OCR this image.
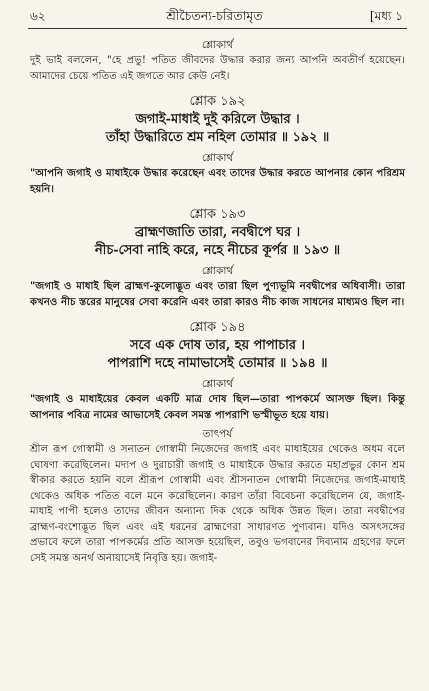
৬২	শ্রীচৈতন্য-চরিতামৃত	[মধ্য ১
শ্লোকার্থ
দুই ভাই বললেন, "হে প্রভু! পতিত জীবদের উদ্ধার করার জন্য আপনি অবতীর্ণ হয়েছেন। আমাদের চেয়ে পতিত এই জগতে আর কেউ নেই।
শ্লোক ১৯২
জগাই-মাধাই দুই করিলে উদ্ধার ।
তাঁহা উদ্ধারিতে শ্রম নহিল তোমার ॥ ১৯২ ॥
শ্লোকার্থ
"আপনি জগাই ও মাধাইকে উদ্ধার করেছেন এবং তাদের উদ্ধার করতে আপনার কোন পরিশ্রম হয়নি।
শ্লোক ১৯৩
ব্রাহ্মণজাতি তারা, নবদ্বীপে ঘর ।
নীচ-সেবা নাহি করে, নহে নীচের কূর্পর ॥ ১৯৩ ॥
শ্লোকার্থ
"জগাই ও মাধাই ছিল ব্রাহ্মণ-কুলোদ্ভূত এবং তারা ছিল পুণ্যভূমি নবদ্বীপের অধিবাসী। তারা কখনও নীচ স্তরের মানুষের সেবা করেনি এবং তারা কারও নীচ কাজ সাধনের মাধ্যমও ছিল না।
শ্লোক ১৯৪
সবে এক দোষ তার, হয় পাপাচার ।
পাপরাশি দহে নামাভাসেই তোমার ॥ ১৯৪ ॥
শ্লোকার্থ
"জগাই ও মাধাইয়ের কেবল একটি মাত্র দোষ ছিল—তারা পাপকর্মে আসক্ত ছিল। কিন্তু আপনার পবিত্র নামের আভাসেই কেবল সমস্ত পাপরাশি ভস্মীভূত হয়ে যায়।
তাৎপর্য
শ্রীল রূপ গোস্বামী ও সনাতন গোস্বামী নিজেদের জগাই এবং মাধাইয়ের থেকেও অধম বলে ঘোষণা করেছিলেন। মদ্যপ ও দুরাচারী জগাই ও মাধাইকে উদ্ধার করতে মহাপ্রভুর কোন শ্রম স্বীকার করতে হয়নি বলে শ্রীরূপ গোস্বামী এবং শ্রীসনাতন গোস্বামী নিজেদের জগাই-মাধাই থেকেও অধিক পতিত বলে মনে করেছিলেন। কারণ তাঁরা বিবেচনা করেছিলেন যে, জগাই-মাধাই পাপী হলেও তাদের জীবন অন্যান্য দিক থেকে অধিক উন্নত ছিল। তারা নবদ্বীপের ব্রাহ্মণ-বংশোদ্ভূত ছিল এবং এই ধরনের ব্রাহ্মণেরা সাধারণত পুণ্যবান। যদিও অসৎসঙ্গের প্রভাবে ফলে তারা পাপকর্মের প্রতি আসক্ত হয়েছিল, তবুও ভগবানের দিব্যনাম গ্রহণের ফলে সেই সমস্ত অনর্থ অনায়াসেই নিবৃত্তি হয়। জগাই-
